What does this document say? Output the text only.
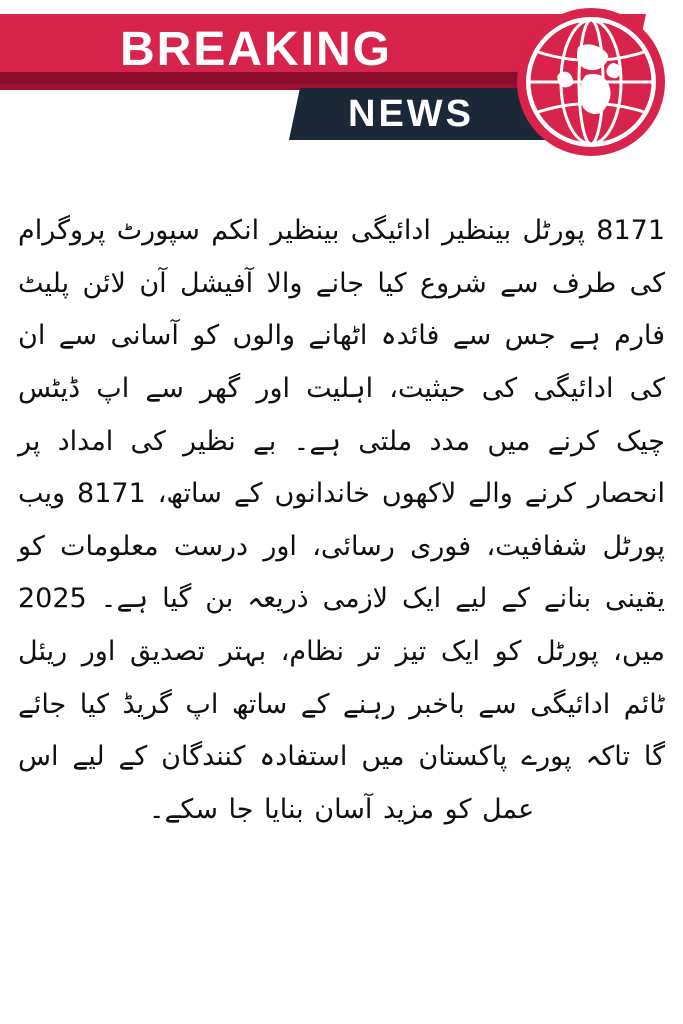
BREAKING
NEWS

8171 پورٹل بینظیر ادائیگی بینظیر انکم سپورٹ پروگرام کی طرف سے شروع کیا جانے والا آفیشل آن لائن پلیٹ فارم ہے جس سے فائدہ اٹھانے والوں کو آسانی سے ان کی ادائیگی کی حیثیت، اہلیت اور گھر سے اپ ڈیٹس چیک کرنے میں مدد ملتی ہے۔ بے نظیر کی امداد پر انحصار کرنے والے لاکھوں خاندانوں کے ساتھ، 8171 ویب پورٹل شفافیت، فوری رسائی، اور درست معلومات کو یقینی بنانے کے لیے ایک لازمی ذریعہ بن گیا ہے۔ 2025 میں، پورٹل کو ایک تیز تر نظام، بہتر تصدیق اور ریئل ٹائم ادائیگی سے باخبر رہنے کے ساتھ اپ گریڈ کیا جائے گا تاکہ پورے پاکستان میں استفادہ کنندگان کے لیے اس عمل کو مزید آسان بنایا جا سکے۔
